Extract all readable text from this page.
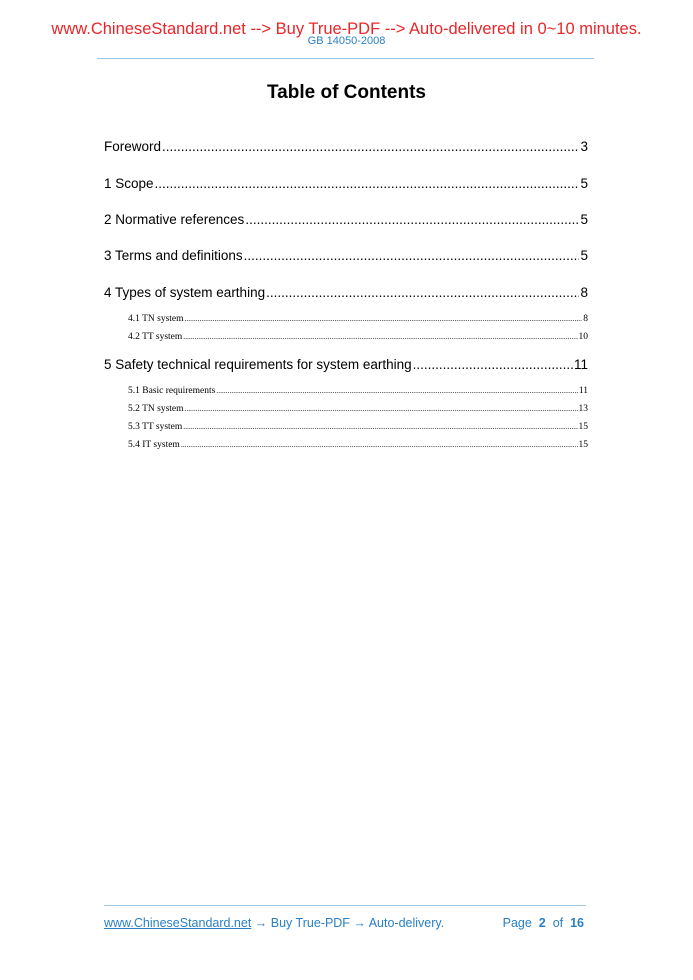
www.ChineseStandard.net --> Buy True-PDF --> Auto-delivered in 0~10 minutes.
GB 14050-2008
Table of Contents
Foreword .....	3
1 Scope .....	5
2 Normative references .....	5
3 Terms and definitions .....	5
4 Types of system earthing .....	8
4.1 TN system .....	8
4.2 TT system .....	10
5 Safety technical requirements for system earthing .....	11
5.1 Basic requirements .....	11
5.2 TN system .....	13
5.3 TT system .....	15
5.4 IT system .....	15
www.ChineseStandard.net → Buy True-PDF → Auto-delivery.	Page 2 of 16
